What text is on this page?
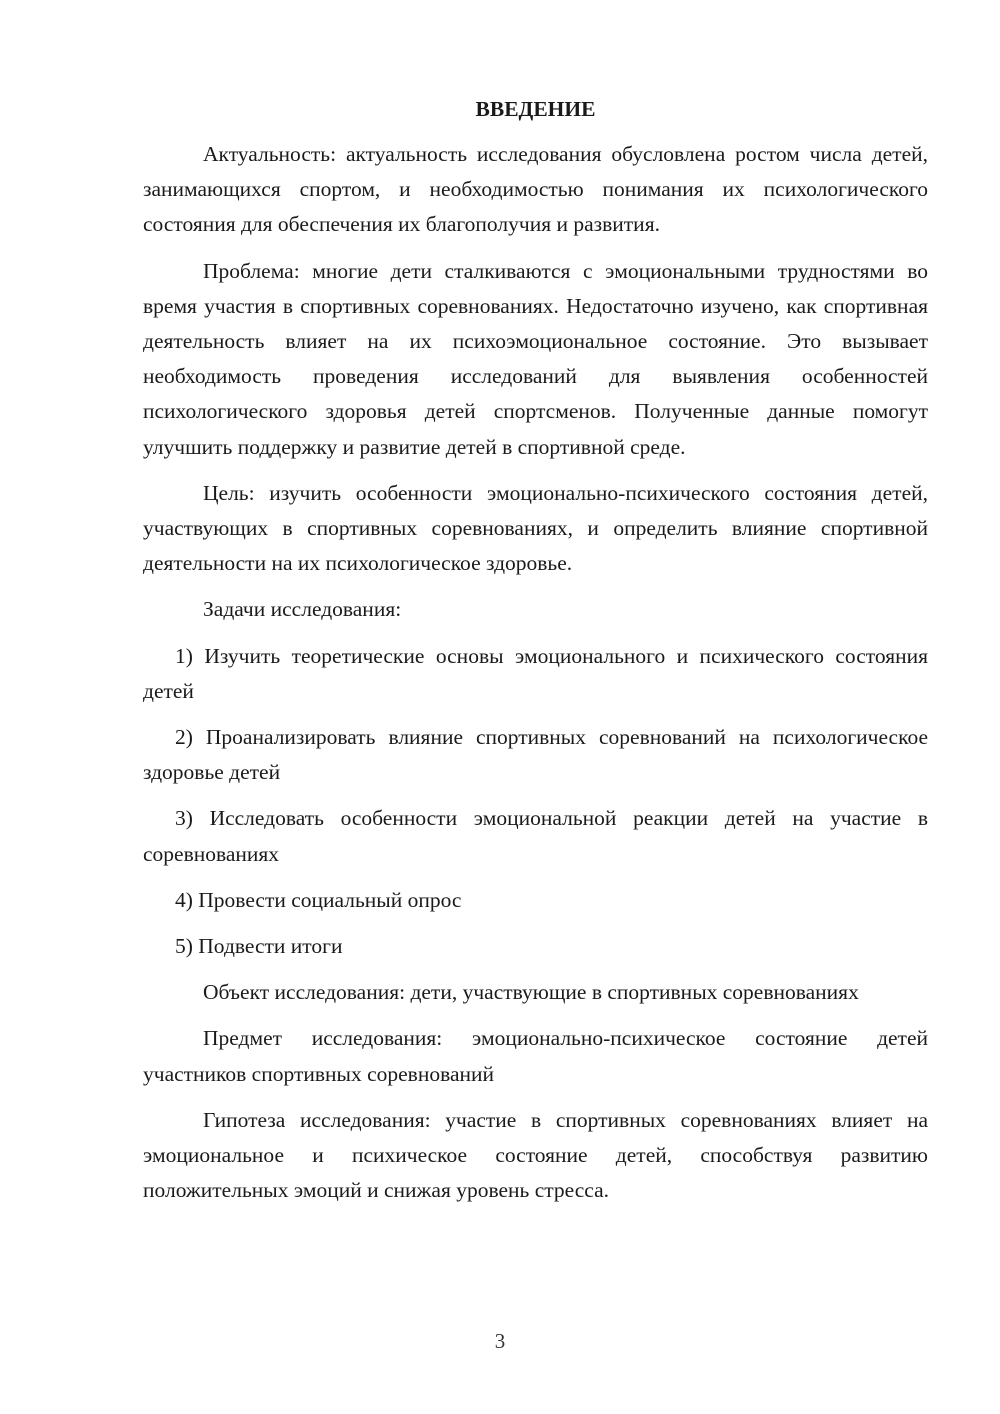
ВВЕДЕНИЕ

Актуальность: актуальность исследования обусловлена ростом числа детей, занимающихся спортом, и необходимостью понимания их психологического состояния для обеспечения их благополучия и развития.

Проблема: многие дети сталкиваются с эмоциональными трудностями во время участия в спортивных соревнованиях. Недостаточно изучено, как спортивная деятельность влияет на их психоэмоциональное состояние. Это вызывает необходимость проведения исследований для выявления особенностей психологического здоровья детей спортсменов. Полученные данные помогут улучшить поддержку и развитие детей в спортивной среде.

Цель: изучить особенности эмоционально-психического состояния детей, участвующих в спортивных соревнованиях, и определить влияние спортивной деятельности на их психологическое здоровье.

Задачи исследования:

1) Изучить теоретические основы эмоционального и психического состояния детей

2) Проанализировать влияние спортивных соревнований на психологическое здоровье детей

3) Исследовать особенности эмоциональной реакции детей на участие в соревнованиях

4) Провести социальный опрос

5) Подвести итоги

Объект исследования: дети, участвующие в спортивных соревнованиях

Предмет исследования: эмоционально-психическое состояние детей участников спортивных соревнований

Гипотеза исследования: участие в спортивных соревнованиях влияет на эмоциональное и психическое состояние детей, способствуя развитию положительных эмоций и снижая уровень стресса.

3
